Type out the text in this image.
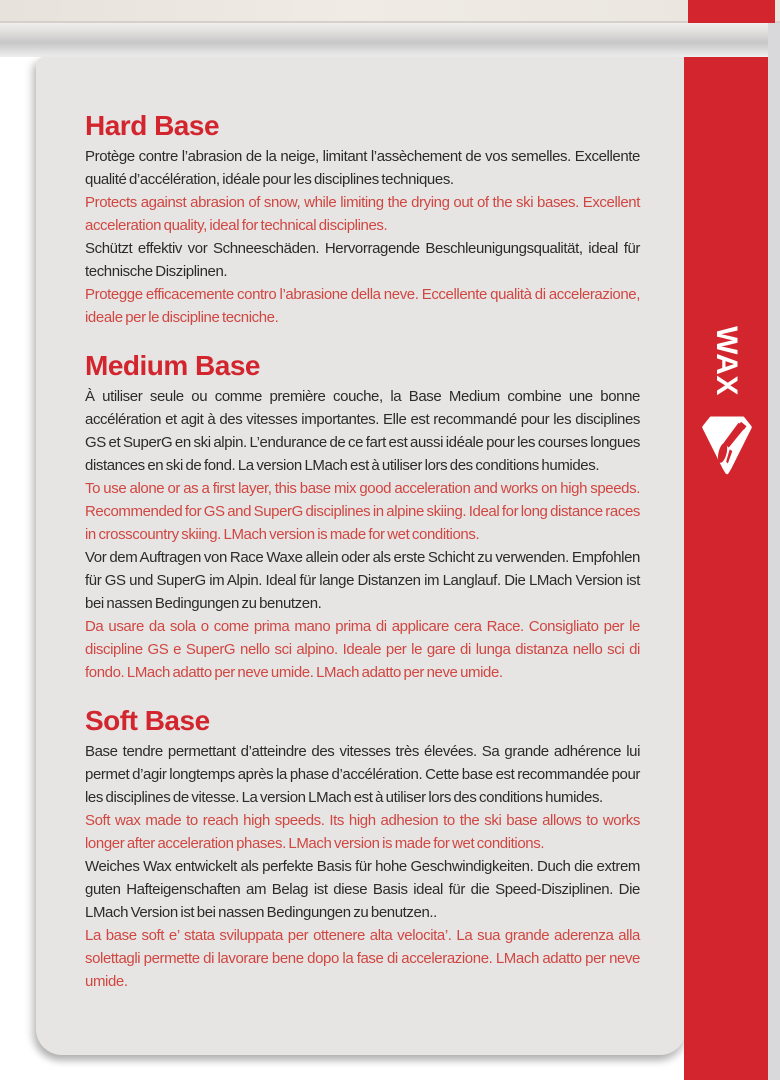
Hard Base

Protège contre l’abrasion de la neige, limitant l’assèchement de vos semelles. Excellente qualité d’accélération, idéale pour les disciplines techniques.

Protects against abrasion of snow, while limiting the drying out of the ski bases. Excellent acceleration quality, ideal for technical disciplines.

Schützt effektiv vor Schneeschäden. Hervorragende Beschleunigungsqualität, ideal für technische Disziplinen.

Protegge efficacemente contro l’abrasione della neve. Eccellente qualità di accelerazione, ideale per le discipline tecniche.

Medium Base

À utiliser seule ou comme première couche, la Base Medium combine une bonne accélération et agit à des vitesses importantes. Elle est recommandé pour les disciplines GS et SuperG en ski alpin. L’endurance de ce fart est aussi idéale pour les courses longues distances en ski de fond. La version LMach est à utiliser lors des conditions humides.

To use alone or as a first layer, this base mix good acceleration and works on high speeds. Recommended for GS and SuperG disciplines in alpine skiing. Ideal for long distance races in crosscountry skiing. LMach version is made for wet conditions.

Vor dem Auftragen von Race Waxe allein oder als erste Schicht zu verwenden. Empfohlen für GS und SuperG im Alpin. Ideal für lange Distanzen im Langlauf. Die LMach Version ist bei nassen Bedingungen zu benutzen.

Da usare da sola o come prima mano prima di applicare cera Race. Consigliato per le discipline GS e SuperG nello sci alpino. Ideale per le gare di lunga distanza nello sci di fondo. LMach adatto per neve umide. LMach adatto per neve umide.

Soft Base

Base tendre permettant d’atteindre des vitesses très élevées. Sa grande adhérence lui permet d’agir longtemps après la phase d’accélération. Cette base est recommandée pour les disciplines de vitesse. La version LMach est à utiliser lors des conditions humides.

Soft wax made to reach high speeds. Its high adhesion to the ski base allows to works longer after acceleration phases. LMach version is made for wet conditions.

Weiches Wax entwickelt als perfekte Basis für hohe Geschwindigkeiten. Duch die extrem guten Hafteigenschaften am Belag ist diese Basis ideal für die Speed-Disziplinen. Die LMach Version ist bei nassen Bedingungen zu benutzen..

La base soft e’ stata sviluppata per ottenere alta velocita’. La sua grande aderenza alla solettagli permette di lavorare bene dopo la fase di accelerazione. LMach adatto per neve umide.

WAX
